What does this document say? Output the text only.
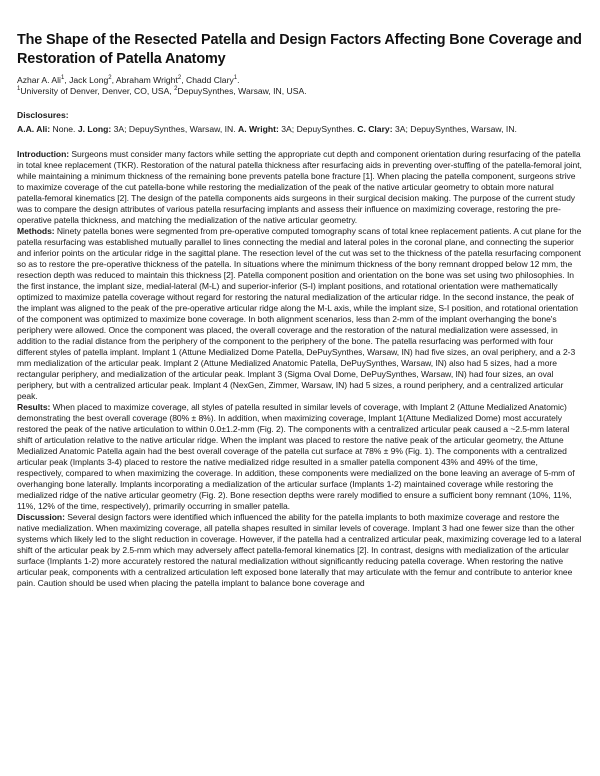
The Shape of the Resected Patella and Design Factors Affecting Bone Coverage and Restoration of Patella Anatomy
Azhar A. Ali$^1$, Jack Long$^2$, Abraham Wright$^2$, Chadd Clary$^1$.
$^1$University of Denver, Denver, CO, USA, $^2$DepuySynthes, Warsaw, IN, USA.
Disclosures:
A.A. Ali: None. J. Long: 3A; DepuySynthes, Warsaw, IN. A. Wright: 3A; DepuySynthes. C. Clary: 3A; DepuySynthes, Warsaw, IN.

Introduction: Surgeons must consider many factors while setting the appropriate cut depth and component orientation during resurfacing of the patella in total knee replacement (TKR). Restoration of the natural patella thickness after resurfacing aids in preventing over-stuffing of the patella-femoral joint, while maintaining a minimum thickness of the remaining bone prevents patella bone fracture [1]. When placing the patella component, surgeons strive to maximize coverage of the cut patella-bone while restoring the medialization of the peak of the native articular geometry to obtain more natural patella-femoral kinematics [2]. The design of the patella components aids surgeons in their surgical decision making. The purpose of the current study was to compare the design attributes of various patella resurfacing implants and assess their influence on maximizing coverage, restoring the pre-operative patella thickness, and matching the medialization of the native articular geometry.

Methods: Ninety patella bones were segmented from pre-operative computed tomography scans of total knee replacement patients. A cut plane for the patella resurfacing was established mutually parallel to lines connecting the medial and lateral poles in the coronal plane, and connecting the superior and inferior points on the articular ridge in the sagittal plane. The resection level of the cut was set to the thickness of the patella resurfacing component so as to restore the pre-operative thickness of the patella. In situations where the minimum thickness of the bony remnant dropped below 12 mm, the resection depth was reduced to maintain this thickness [2]. Patella component position and orientation on the bone was set using two philosophies. In the first instance, the implant size, medial-lateral (M-L) and superior-inferior (S-I) implant positions, and rotational orientation were mathematically optimized to maximize patella coverage without regard for restoring the natural medialization of the articular ridge. In the second instance, the peak of the implant was aligned to the peak of the pre-operative articular ridge along the M-L axis, while the implant size, S-I position, and rotational orientation of the component was optimized to maximize bone coverage. In both alignment scenarios, less than 2-mm of the implant overhanging the bone's periphery were allowed. Once the component was placed, the overall coverage and the restoration of the natural medialization were assessed, in addition to the radial distance from the periphery of the component to the periphery of the bone. The patella resurfacing was performed with four different styles of patella implant. Implant 1 (Attune Medialized Dome Patella, DePuySynthes, Warsaw, IN) had five sizes, an oval periphery, and a 2-3 mm medialization of the articular peak. Implant 2 (Attune Medialized Anatomic Patella, DePuySynthes, Warsaw, IN) also had 5 sizes, had a more rectangular periphery, and medialization of the articular peak. Implant 3 (Sigma Oval Dome, DePuySynthes, Warsaw, IN) had four sizes, an oval periphery, but with a centralized articular peak. Implant 4 (NexGen, Zimmer, Warsaw, IN) had 5 sizes, a round periphery, and a centralized articular peak.

Results: When placed to maximize coverage, all styles of patella resulted in similar levels of coverage, with Implant 2 (Attune Medialized Anatomic) demonstrating the best overall coverage (80% ± 8%). In addition, when maximizing coverage, Implant 1(Attune Medialized Dome) most accurately restored the peak of the native articulation to within 0.0±1.2-mm (Fig. 2). The components with a centralized articular peak caused a ~2.5-mm lateral shift of articulation relative to the native articular ridge. When the implant was placed to restore the native peak of the articular geometry, the Attune Medialized Anatomic Patella again had the best overall coverage of the patella cut surface at 78% ± 9% (Fig. 1). The components with a centralized articular peak (Implants 3-4) placed to restore the native medialized ridge resulted in a smaller patella component 43% and 49% of the time, respectively, compared to when maximizing the coverage. In addition, these components were medialized on the bone leaving an average of 5-mm of overhanging bone laterally. Implants incorporating a medialization of the articular surface (Implants 1-2) maintained coverage while restoring the medialized ridge of the native articular geometry (Fig. 2). Bone resection depths were rarely modified to ensure a sufficient bony remnant (10%, 11%, 11%, 12% of the time, respectively), primarily occurring in smaller patella.

Discussion: Several design factors were identified which influenced the ability for the patella implants to both maximize coverage and restore the native medialization. When maximizing coverage, all patella shapes resulted in similar levels of coverage. Implant 3 had one fewer size than the other systems which likely led to the slight reduction in coverage. However, if the patella had a centralized articular peak, maximizing coverage led to a lateral shift of the articular peak by 2.5-mm which may adversely affect patella-femoral kinematics [2]. In contrast, designs with medialization of the articular surface (Implants 1-2) more accurately restored the natural medialization without significantly reducing patella coverage. When restoring the native articular peak, components with a centralized articulation left exposed bone laterally that may articulate with the femur and contribute to anterior knee pain. Caution should be used when placing the patella implant to balance bone coverage and
